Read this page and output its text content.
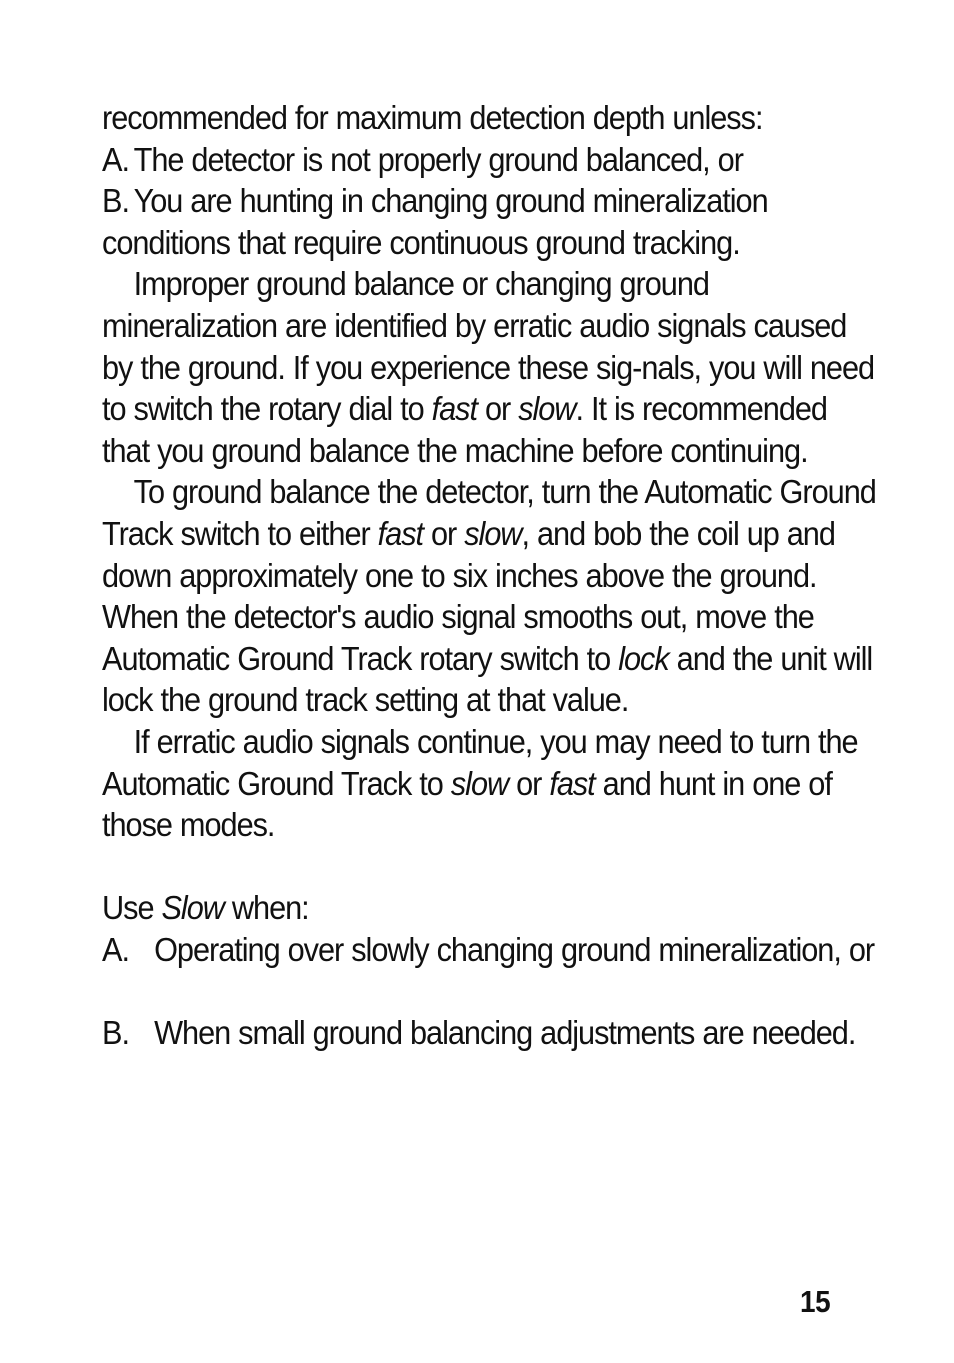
recommended for maximum detection depth unless:

A. The detector is not properly ground balanced, or

B. You are hunting in changing ground mineralization

conditions that require continuous ground tracking.

Improper ground balance or changing ground mineralization are identified by erratic audio signals caused by the ground. If you experience these sig-nals, you will need to switch the rotary dial to fast or slow. It is recommended that you ground balance the machine before continuing.

To ground balance the detector, turn the Automatic Ground Track switch to either fast or slow, and bob the coil up and down approximately one to six inches above the ground. When the detector's audio signal smooths out, move the Automatic Ground Track rotary switch to lock and the unit will lock the ground track setting at that value.

If erratic audio signals continue, you may need to turn the Automatic Ground Track to slow or fast and hunt in one of those modes.

Use Slow when:

A. Operating over slowly changing ground mineralization, or
B. When small ground balancing adjustments are needed.
15
